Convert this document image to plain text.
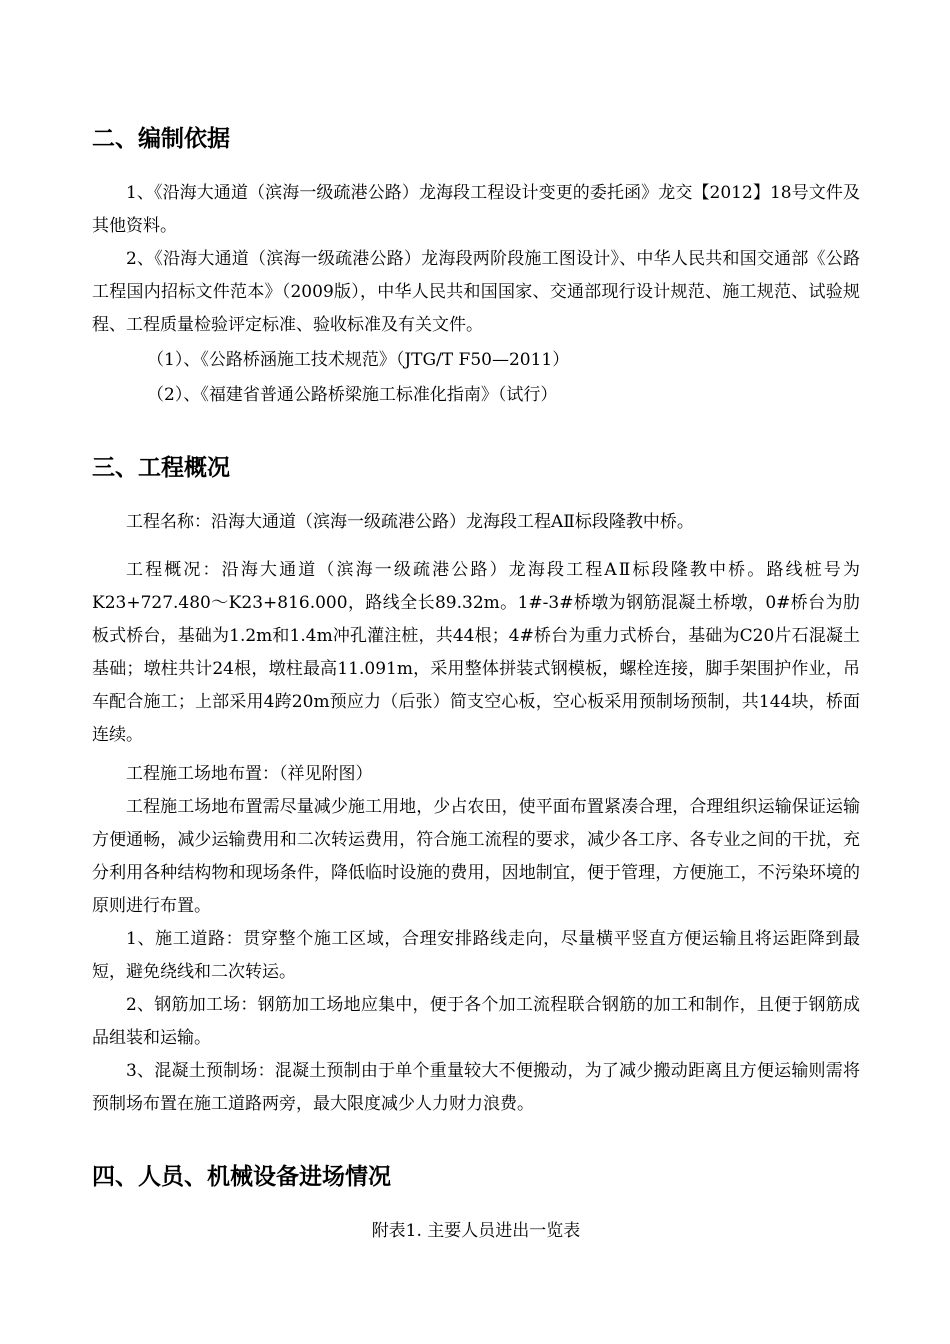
二、编制依据
1、《沿海大通道（滨海一级疏港公路）龙海段工程设计变更的委托函》龙交【2012】18号文件及其他资料。
2、《沿海大通道（滨海一级疏港公路）龙海段两阶段施工图设计》、中华人民共和国交通部《公路工程国内招标文件范本》（2009版），中华人民共和国国家、交通部现行设计规范、施工规范、试验规程、工程质量检验评定标准、验收标准及有关文件。
（1）、《公路桥涵施工技术规范》（JTG/T F50—2011）
（2）、《福建省普通公路桥梁施工标准化指南》（试行）
三、工程概况
工程名称：沿海大通道（滨海一级疏港公路）龙海段工程AⅡ标段隆教中桥。
工程概况：沿海大通道（滨海一级疏港公路）龙海段工程AⅡ标段隆教中桥。路线桩号为K23+727.480～K23+816.000，路线全长89.32m。1#-3#桥墩为钢筋混凝土桥墩，0#桥台为肋板式桥台，基础为1.2m和1.4m冲孔灌注桩，共44根；4#桥台为重力式桥台，基础为C20片石混凝土基础；墩柱共计24根，墩柱最高11.091m，采用整体拼装式钢模板，螺栓连接，脚手架围护作业，吊车配合施工；上部采用4跨20m预应力（后张）简支空心板，空心板采用预制场预制，共144块，桥面连续。
工程施工场地布置：（祥见附图）
工程施工场地布置需尽量减少施工用地，少占农田，使平面布置紧凑合理，合理组织运输保证运输方便通畅，减少运输费用和二次转运费用，符合施工流程的要求，减少各工序、各专业之间的干扰，充分利用各种结构物和现场条件，降低临时设施的费用，因地制宜，便于管理，方便施工，不污染环境的原则进行布置。
1、施工道路：贯穿整个施工区域，合理安排路线走向，尽量横平竖直方便运输且将运距降到最短，避免绕线和二次转运。
2、钢筋加工场：钢筋加工场地应集中，便于各个加工流程联合钢筋的加工和制作，且便于钢筋成品组装和运输。
3、混凝土预制场：混凝土预制由于单个重量较大不便搬动，为了减少搬动距离且方便运输则需将预制场布置在施工道路两旁，最大限度减少人力财力浪费。
四、人员、机械设备进场情况
附表1. 主要人员进出一览表
